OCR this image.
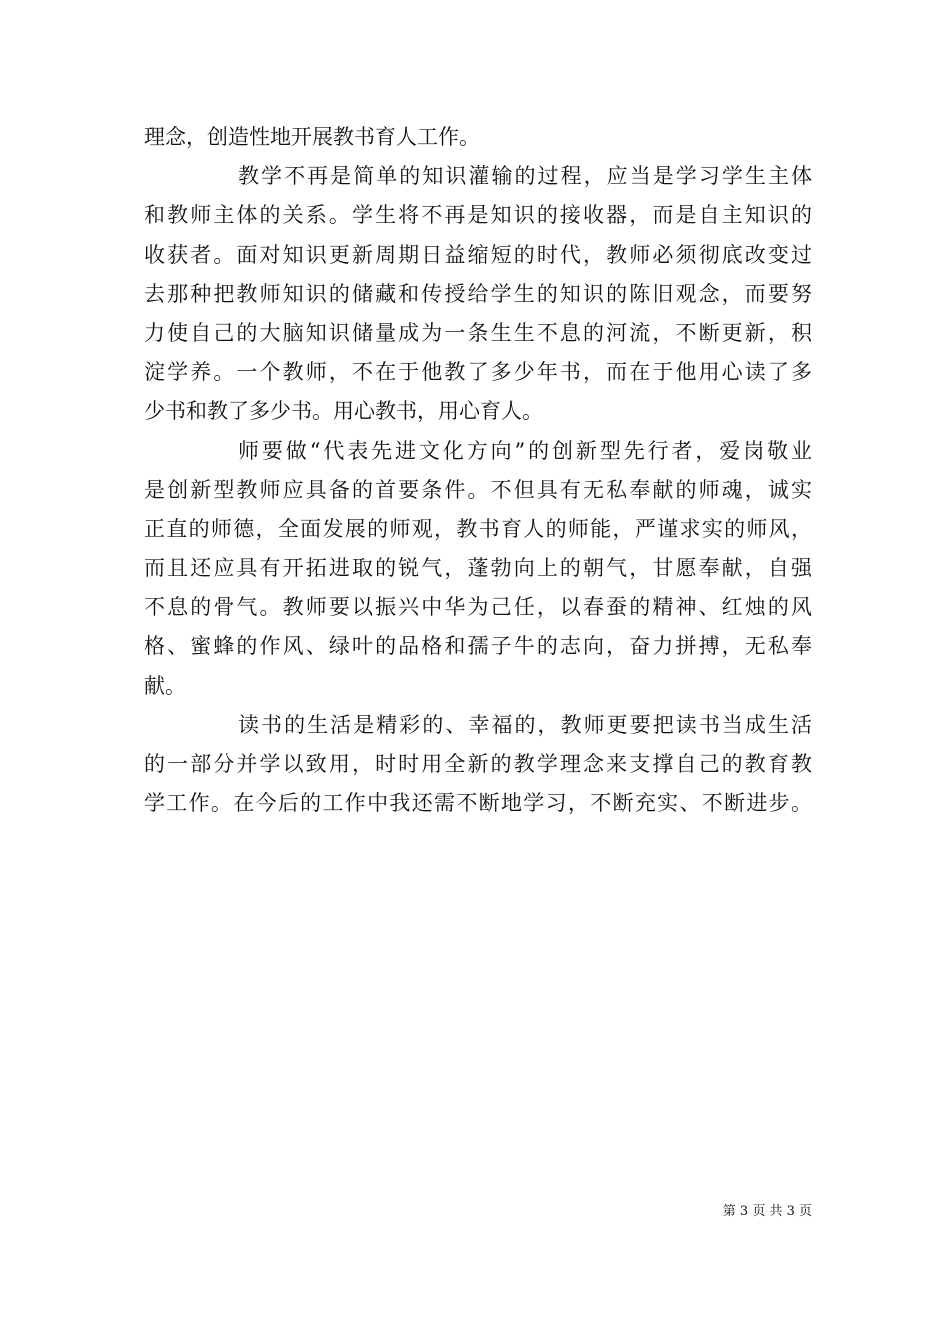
理念，创造性地开展教书育人工作。
教学不再是简单的知识灌输的过程，应当是学习学生主体
和教师主体的关系。学生将不再是知识的接收器，而是自主知识的
收获者。面对知识更新周期日益缩短的时代，教师必须彻底改变过
去那种把教师知识的储藏和传授给学生的知识的陈旧观念，而要努
力使自己的大脑知识储量成为一条生生不息的河流，不断更新，积
淀学养。一个教师，不在于他教了多少年书，而在于他用心读了多
少书和教了多少书。用心教书，用心育人。
师要做“代表先进文化方向”的创新型先行者，爱岗敬业
是创新型教师应具备的首要条件。不但具有无私奉献的师魂，诚实
正直的师德，全面发展的师观，教书育人的师能，严谨求实的师风，
而且还应具有开拓进取的锐气，蓬勃向上的朝气，甘愿奉献，自强
不息的骨气。教师要以振兴中华为己任，以春蚕的精神、红烛的风
格、蜜蜂的作风、绿叶的品格和孺子牛的志向，奋力拼搏，无私奉
献。
读书的生活是精彩的、幸福的，教师更要把读书当成生活
的一部分并学以致用，时时用全新的教学理念来支撑自己的教育教
学工作。在今后的工作中我还需不断地学习，不断充实、不断进步。
第 3 页 共 3 页
